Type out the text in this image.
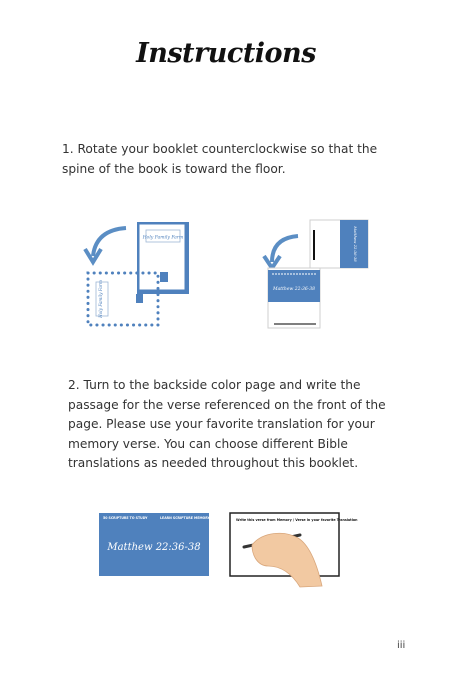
Instructions
1. Rotate your booklet counterclockwise so that the spine of the book is toward the floor.
Holy Family Farm
Holy Family Farm
Matthew 22:36-38
Matthew 22:36-38
50 SCRIPTURE TO STUDY	LEARN SCRIPTURE MEMORY
Matthew 22:36-38
Write this verse from Memory / Verse in your favorite Translation
2. Turn to the backside color page and write the passage for the verse referenced on the front of the page. Please use your favorite translation for your memory verse. You can choose different Bible translations as needed throughout this booklet.
iii
